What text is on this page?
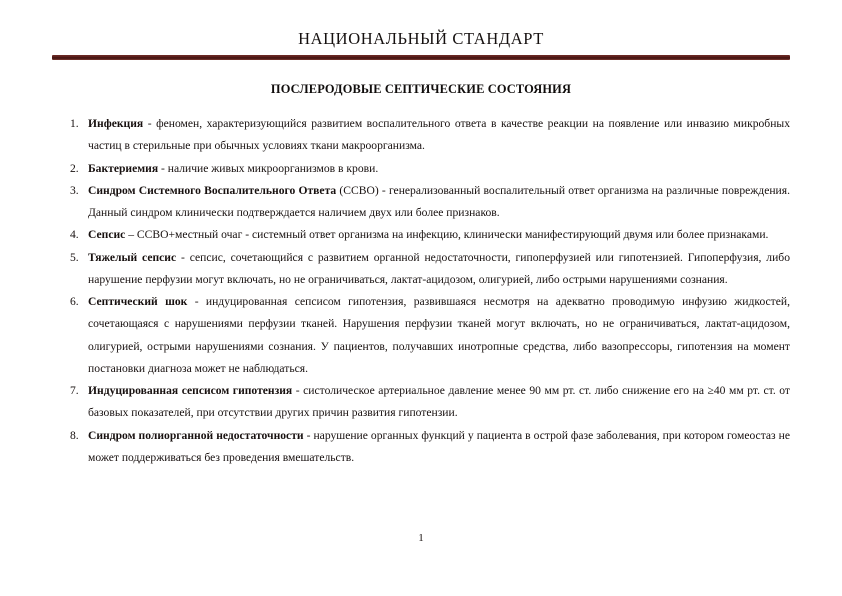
НАЦИОНАЛЬНЫЙ СТАНДАРТ
ПОСЛЕРОДОВЫЕ СЕПТИЧЕСКИЕ СОСТОЯНИЯ
1. Инфекция - феномен, характеризующийся развитием воспалительного ответа в качестве реакции на появление или инвазию микробных частиц в стерильные при обычных условиях ткани макроорганизма.
2. Бактериемия - наличие живых микроорганизмов в крови.
3. Синдром Системного Воспалительного Ответа (ССВО) - генерализованный воспалительный ответ организма на различные повреждения. Данный синдром клинически подтверждается наличием двух или более признаков.
4. Сепсис – ССВО+местный очаг - системный ответ организма на инфекцию, клинически манифестирующий двумя или более признаками.
5. Тяжелый сепсис - сепсис, сочетающийся с развитием органной недостаточности, гипоперфузией или гипотензией. Гипоперфузия, либо нарушение перфузии могут включать, но не ограничиваться, лактат-ацидозом, олигурией, либо острыми нарушениями сознания.
6. Септический шок - индуцированная сепсисом гипотензия, развившаяся несмотря на адекватно проводимую инфузию жидкостей, сочетающаяся с нарушениями перфузии тканей. Нарушения перфузии тканей могут включать, но не ограничиваться, лактат-ацидозом, олигурией, острыми нарушениями сознания. У пациентов, получавших инотропные средства, либо вазопрессоры, гипотензия на момент постановки диагноза может не наблюдаться.
7. Индуцированная сепсисом гипотензия - систолическое артериальное давление менее 90 мм рт. ст. либо снижение его на ≥40 мм рт. ст. от базовых показателей, при отсутствии других причин развития гипотензии.
8. Синдром полиорганной недостаточности - нарушение органных функций у пациента в острой фазе заболевания, при котором гомеостаз не может поддерживаться без проведения вмешательств.
1
